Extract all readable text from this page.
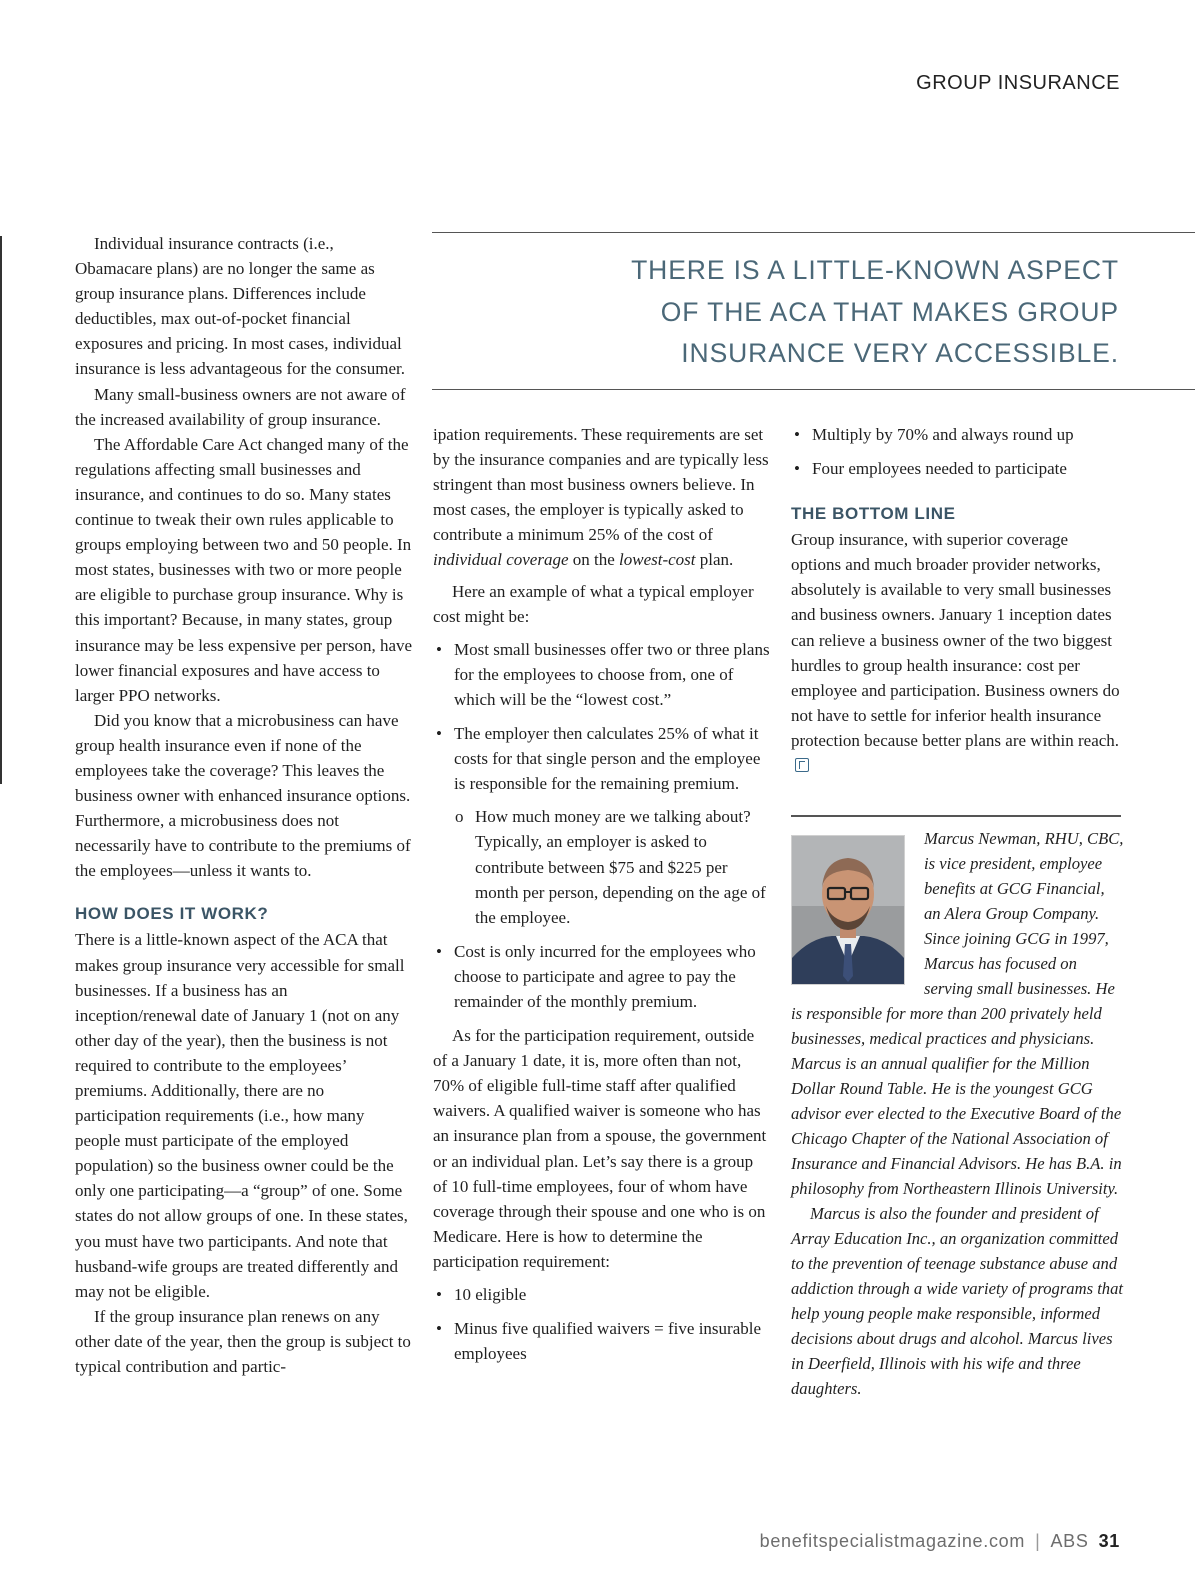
GROUP INSURANCE
THERE IS A LITTLE-KNOWN ASPECT
OF THE ACA THAT MAKES GROUP
INSURANCE VERY ACCESSIBLE.

Individual insurance contracts (i.e., Obamacare plans) are no longer the same as group insurance plans. Differences include deductibles, max out-of-pocket financial exposures and pricing. In most cases, individual insurance is less advantageous for the consumer.

Many small-business owners are not aware of the increased availability of group insurance.

The Affordable Care Act changed many of the regulations affecting small businesses and insurance, and continues to do so. Many states continue to tweak their own rules applicable to groups employing between two and 50 people. In most states, businesses with two or more people are eligible to purchase group insurance. Why is this important? Because, in many states, group insurance may be less expensive per person, have lower financial exposures and have access to larger PPO networks.

Did you know that a microbusiness can have group health insurance even if none of the employees take the coverage? This leaves the business owner with enhanced insurance options. Furthermore, a microbusiness does not necessarily have to contribute to the premiums of the employees—unless it wants to.

HOW DOES IT WORK?

There is a little-known aspect of the ACA that makes group insurance very accessible for small businesses. If a business has an inception/renewal date of January 1 (not on any other day of the year), then the business is not required to contribute to the employees’ premiums. Additionally, there are no participation requirements (i.e., how many people must participate of the employed population) so the business owner could be the only one participating—a “group” of one. Some states do not allow groups of one. In these states, you must have two participants. And note that husband-wife groups are treated differently and may not be eligible.

If the group insurance plan renews on any other date of the year, then the group is subject to typical contribution and partic-

ipation requirements. These requirements are set by the insurance companies and are typically less stringent than most business owners believe. In most cases, the employer is typically asked to contribute a minimum 25% of the cost of individual coverage on the lowest-cost plan.

Here an example of what a typical employer cost might be:

• Most small businesses offer two or three plans for the employees to choose from, one of which will be the “lowest cost.”
• The employer then calculates 25% of what it costs for that single person and the employee is responsible for the remaining premium.
o How much money are we talking about? Typically, an employer is asked to contribute between $75 and $225 per month per person, depending on the age of the employee.
• Cost is only incurred for the employees who choose to participate and agree to pay the remainder of the monthly premium.

As for the participation requirement, outside of a January 1 date, it is, more often than not, 70% of eligible full-time staff after qualified waivers. A qualified waiver is someone who has an insurance plan from a spouse, the government or an individual plan. Let’s say there is a group of 10 full-time employees, four of whom have coverage through their spouse and one who is on Medicare. Here is how to determine the participation requirement:

• 10 eligible
• Minus five qualified waivers = five insurable employees
• Multiply by 70% and always round up
• Four employees needed to participate
THE BOTTOM LINE

Group insurance, with superior coverage options and much broader provider networks, absolutely is available to very small businesses and business owners. January 1 inception dates can relieve a business owner of the two biggest hurdles to group health insurance: cost per employee and participation. Business owners do not have to settle for inferior health insurance protection because better plans are within reach.

Marcus Newman, RHU, CBC, is vice president, employee benefits at GCG Financial, an Alera Group Company. Since joining GCG in 1997, Marcus has focused on serving small businesses. He is responsible for more than 200 privately held businesses, medical practices and physicians. Marcus is an annual qualifier for the Million Dollar Round Table. He is the youngest GCG advisor ever elected to the Executive Board of the Chicago Chapter of the National Association of Insurance and Financial Advisors. He has B.A. in philosophy from Northeastern Illinois University.

Marcus is also the founder and president of Array Education Inc., an organization committed to the prevention of teenage substance abuse and addiction through a wide variety of programs that help young people make responsible, informed decisions about drugs and alcohol. Marcus lives in Deerfield, Illinois with his wife and three daughters.

benefitspecialistmagazine.com | ABS 31
